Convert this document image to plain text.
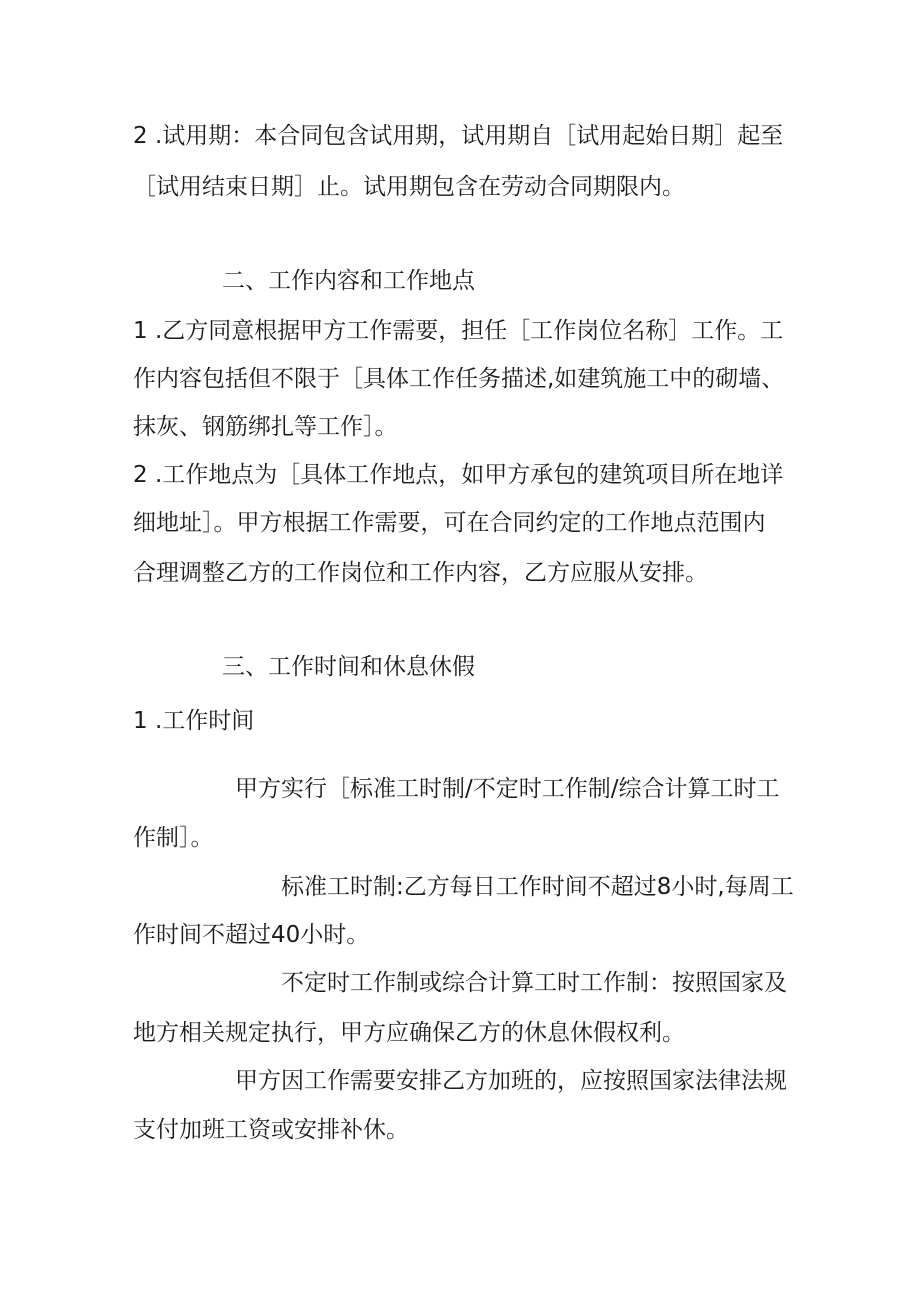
2 .试用期：本合同包含试用期，试用期自［试用起始日期］起至
［试用结束日期］止。试用期包含在劳动合同期限内。
二、工作内容和工作地点
1 .乙方同意根据甲方工作需要，担任［工作岗位名称］工作。工
作内容包括但不限于［具体工作任务描述,如建筑施工中的砌墙、
抹灰、钢筋绑扎等工作］。
2 .工作地点为［具体工作地点，如甲方承包的建筑项目所在地详
细地址］。甲方根据工作需要，可在合同约定的工作地点范围内
合理调整乙方的工作岗位和工作内容，乙方应服从安排。
三、工作时间和休息休假
1 .工作时间
甲方实行［标准工时制/不定时工作制/综合计算工时工
作制］。
标准工时制:乙方每日工作时间不超过8小时,每周工
作时间不超过40小时。
不定时工作制或综合计算工时工作制：按照国家及
地方相关规定执行，甲方应确保乙方的休息休假权利。
甲方因工作需要安排乙方加班的，应按照国家法律法规
支付加班工资或安排补休。
